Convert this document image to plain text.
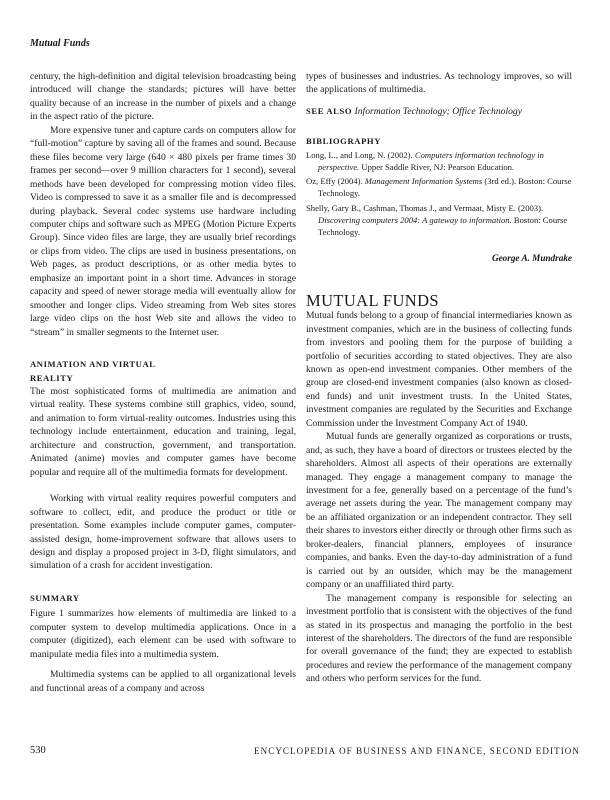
Mutual Funds

century, the high-definition and digital television broadcasting being introduced will change the standards; pictures will have better quality because of an increase in the number of pixels and a change in the aspect ratio of the picture.

More expensive tuner and capture cards on computers allow for “full-motion” capture by saving all of the frames and sound. Because these files become very large (640 × 480 pixels per frame times 30 frames per second—over 9 million characters for 1 second), several methods have been developed for compressing motion video files. Video is compressed to save it as a smaller file and is decompressed during playback. Several codec systems use hardware including computer chips and software such as MPEG (Motion Picture Experts Group). Since video files are large, they are usually brief recordings or clips from video. The clips are used in business presentations, on Web pages, as product descriptions, or as other media bytes to emphasize an important point in a short time. Advances in storage capacity and speed of newer storage media will eventually allow for smoother and longer clips. Video streaming from Web sites stores large video clips on the host Web site and allows the video to “stream” in smaller segments to the Internet user.

ANIMATION AND VIRTUAL
REALITY

The most sophisticated forms of multimedia are animation and virtual reality. These systems combine still graphics, video, sound, and animation to form virtual-reality outcomes. Industries using this technology include entertainment, education and training, legal, architecture and construction, government, and transportation. Animated (anime) movies and computer games have become popular and require all of the multimedia formats for development.

Working with virtual reality requires powerful computers and software to collect, edit, and produce the product or title or presentation. Some examples include computer games, computer-assisted design, home-improvement software that allows users to design and display a proposed project in 3-D, flight simulators, and simulation of a crash for accident investigation.

SUMMARY

Figure 1 summarizes how elements of multimedia are linked to a computer system to develop multimedia applications. Once in a computer (digitized), each element can be used with software to manipulate media files into a multimedia system.

Multimedia systems can be applied to all organizational levels and functional areas of a company and across

types of businesses and industries. As technology improves, so will the applications of multimedia.

SEE ALSO Information Technology; Office Technology
BIBLIOGRAPHY

Long, L., and Long, N. (2002). Computers information technology in perspective. Upper Saddle River, NJ: Pearson Education.

Oz, Effy (2004). Management Information Systems (3rd ed.). Boston: Course Technology.

Shelly, Gary B., Cashman, Thomas J., and Vermaat, Misty E. (2003). Discovering computers 2004: A gateway to information. Boston: Course Technology.

George A. Mundrake
MUTUAL FUNDS

Mutual funds belong to a group of financial intermediaries known as investment companies, which are in the business of collecting funds from investors and pooling them for the purpose of building a portfolio of securities according to stated objectives. They are also known as open-end investment companies. Other members of the group are closed-end investment companies (also known as closed-end funds) and unit investment trusts. In the United States, investment companies are regulated by the Securities and Exchange Commission under the Investment Company Act of 1940.

Mutual funds are generally organized as corporations or trusts, and, as such, they have a board of directors or trustees elected by the shareholders. Almost all aspects of their operations are externally managed. They engage a management company to manage the investment for a fee, generally based on a percentage of the fund’s average net assets during the year. The management company may be an affiliated organization or an independent contractor. They sell their shares to investors either directly or through other firms such as broker-dealers, financial planners, employees of insurance companies, and banks. Even the day-to-day administration of a fund is carried out by an outsider, which may be the management company or an unaffiliated third party.

The management company is responsible for selecting an investment portfolio that is consistent with the objectives of the fund as stated in its prospectus and managing the portfolio in the best interest of the shareholders. The directors of the fund are responsible for overall governance of the fund; they are expected to establish procedures and review the performance of the management company and others who perform services for the fund.

530	ENCYCLOPEDIA OF BUSINESS AND FINANCE, SECOND EDITION
